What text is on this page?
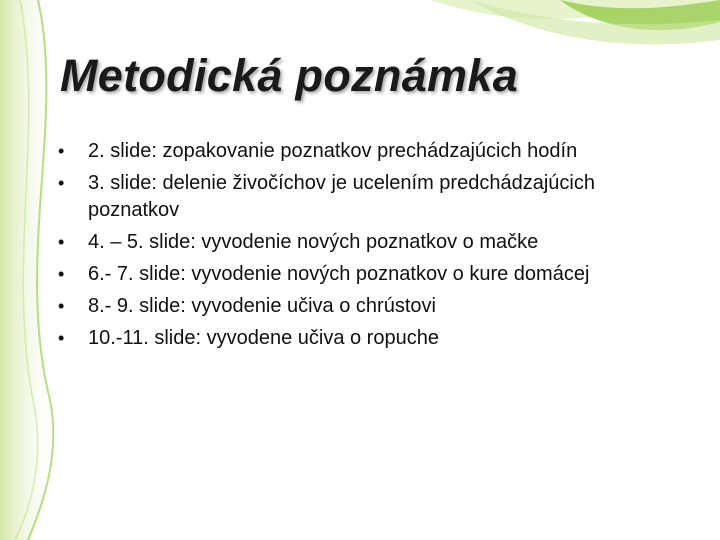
Metodická poznámka
• 2. slide: zopakovanie poznatkov prechádzajúcich hodín
• 3. slide: delenie živočíchov je ucelením predchádzajúcich poznatkov
• 4. – 5. slide: vyvodenie nových poznatkov o mačke
• 6.- 7. slide: vyvodenie nových poznatkov o kure domácej
• 8.- 9. slide: vyvodenie učiva o chrústovi
• 10.-11. slide: vyvodene učiva o ropuche
